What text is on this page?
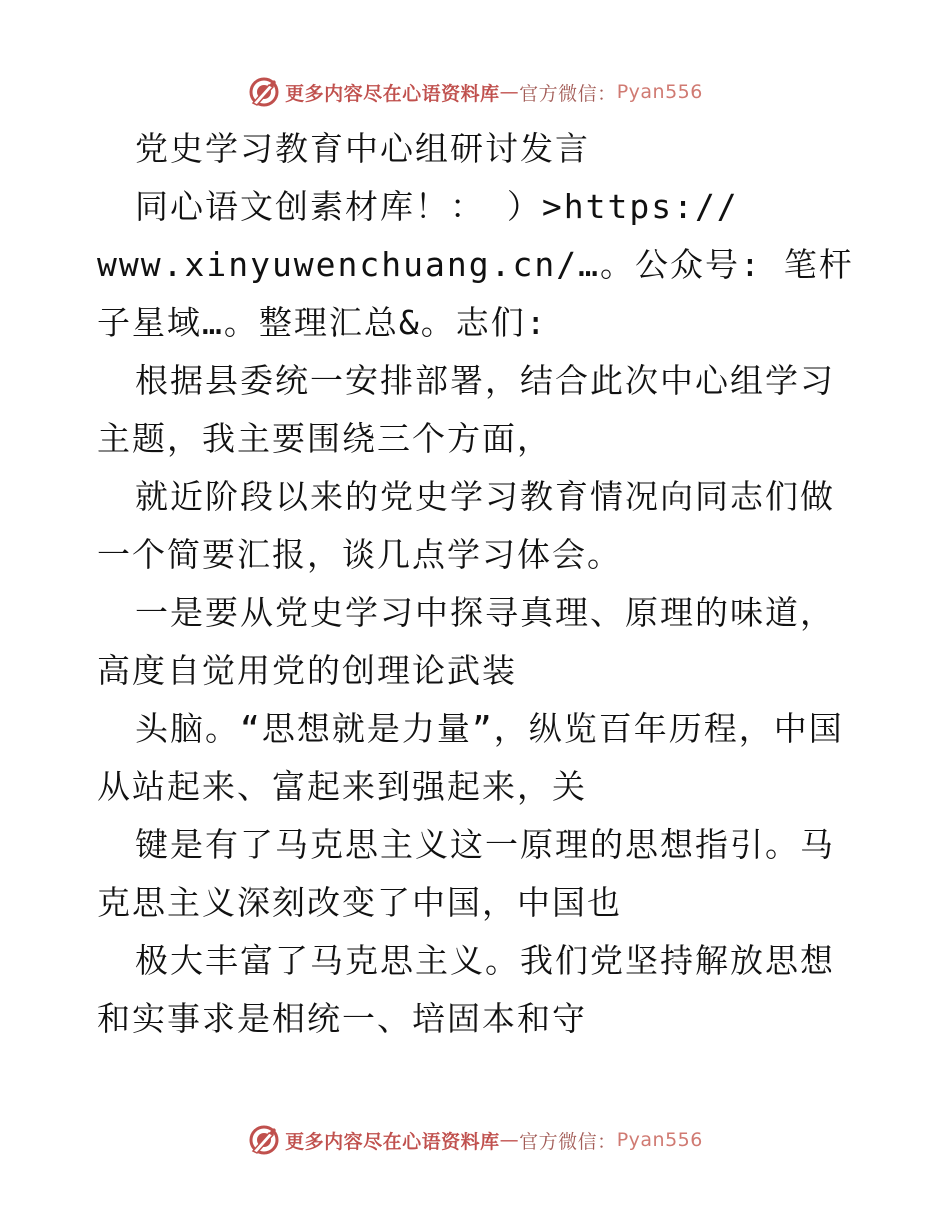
更多内容尽在心语资料库 — 官方微信： Pyan556

党史学习教育中心组研讨发言

同心语文创素材库！： ）>https://

www.xinyuwenchuang.cn/…。公众号: 笔杆子星域…。整理汇总&。志们:

根据县委统一安排部署，结合此次中心组学习主题，我主要围绕三个方面，

就近阶段以来的党史学习教育情况向同志们做一个简要汇报，谈几点学习体会。

一是要从党史学习中探寻真理、原理的味道，高度自觉用党的创理论武装

头脑。“思想就是力量”，纵览百年历程，中国从站起来、富起来到强起来，关

键是有了马克思主义这一原理的思想指引。马克思主义深刻改变了中国，中国也

极大丰富了马克思主义。我们党坚持解放思想和实事求是相统一、培固本和守

更多内容尽在心语资料库 — 官方微信： Pyan556
